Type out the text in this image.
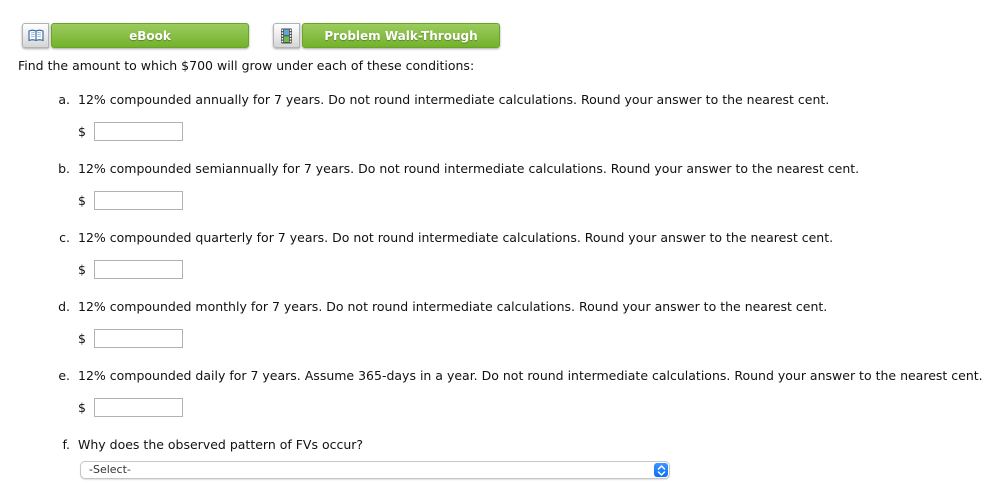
eBook	Problem Walk-Through
Find the amount to which $700 will grow under each of these conditions:
a. 12% compounded annually for 7 years. Do not round intermediate calculations. Round your answer to the nearest cent.
$
b. 12% compounded semiannually for 7 years. Do not round intermediate calculations. Round your answer to the nearest cent.
$
c. 12% compounded quarterly for 7 years. Do not round intermediate calculations. Round your answer to the nearest cent.
$
d. 12% compounded monthly for 7 years. Do not round intermediate calculations. Round your answer to the nearest cent.
$
e. 12% compounded daily for 7 years. Assume 365-days in a year. Do not round intermediate calculations. Round your answer to the nearest cent.
$
f. Why does the observed pattern of FVs occur?
-Select-
